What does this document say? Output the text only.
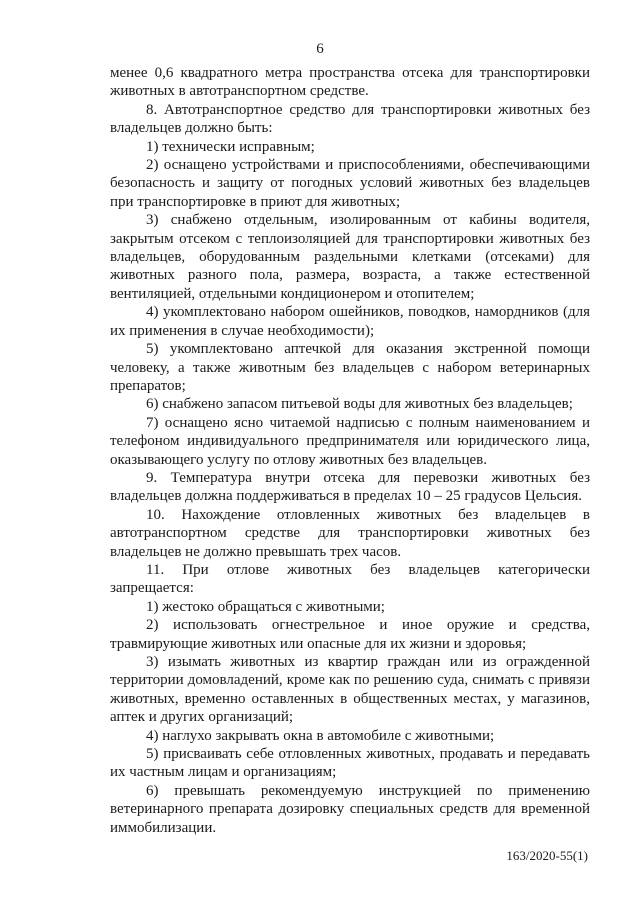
6

менее 0,6 квадратного метра пространства отсека для транспортировки животных в автотранспортном средстве.

8. Автотранспортное средство для транспортировки животных без владельцев должно быть:

1) технически исправным;

2) оснащено устройствами и приспособлениями, обеспечивающими безопасность и защиту от погодных условий животных без владельцев при транспортировке в приют для животных;

3) снабжено отдельным, изолированным от кабины водителя, закрытым отсеком с теплоизоляцией для транспортировки животных без владельцев, оборудованным раздельными клетками (отсеками) для животных разного пола, размера, возраста, а также естественной вентиляцией, отдельными кондиционером и отопителем;

4) укомплектовано набором ошейников, поводков, намордников (для их применения в случае необходимости);

5) укомплектовано аптечкой для оказания экстренной помощи человеку, а также животным без владельцев с набором ветеринарных препаратов;

6) снабжено запасом питьевой воды для животных без владельцев;

7) оснащено ясно читаемой надписью с полным наименованием и телефоном индивидуального предпринимателя или юридического лица, оказывающего услугу по отлову животных без владельцев.

9. Температура внутри отсека для перевозки животных без владельцев должна поддерживаться в пределах 10 – 25 градусов Цельсия.

10. Нахождение отловленных животных без владельцев в автотранспортном средстве для транспортировки животных без владельцев не должно превышать трех часов.

11. При отлове животных без владельцев категорически запрещается:

1) жестоко обращаться с животными;

2) использовать огнестрельное и иное оружие и средства, травмирующие животных или опасные для их жизни и здоровья;

3) изымать животных из квартир граждан или из огражденной территории домовладений, кроме как по решению суда, снимать с привязи животных, временно оставленных в общественных местах, у магазинов, аптек и других организаций;

4) наглухо закрывать окна в автомобиле с животными;

5) присваивать себе отловленных животных, продавать и передавать их частным лицам и организациям;

6) превышать рекомендуемую инструкцией по применению ветеринарного препарата дозировку специальных средств для временной иммобилизации.

163/2020-55(1)
